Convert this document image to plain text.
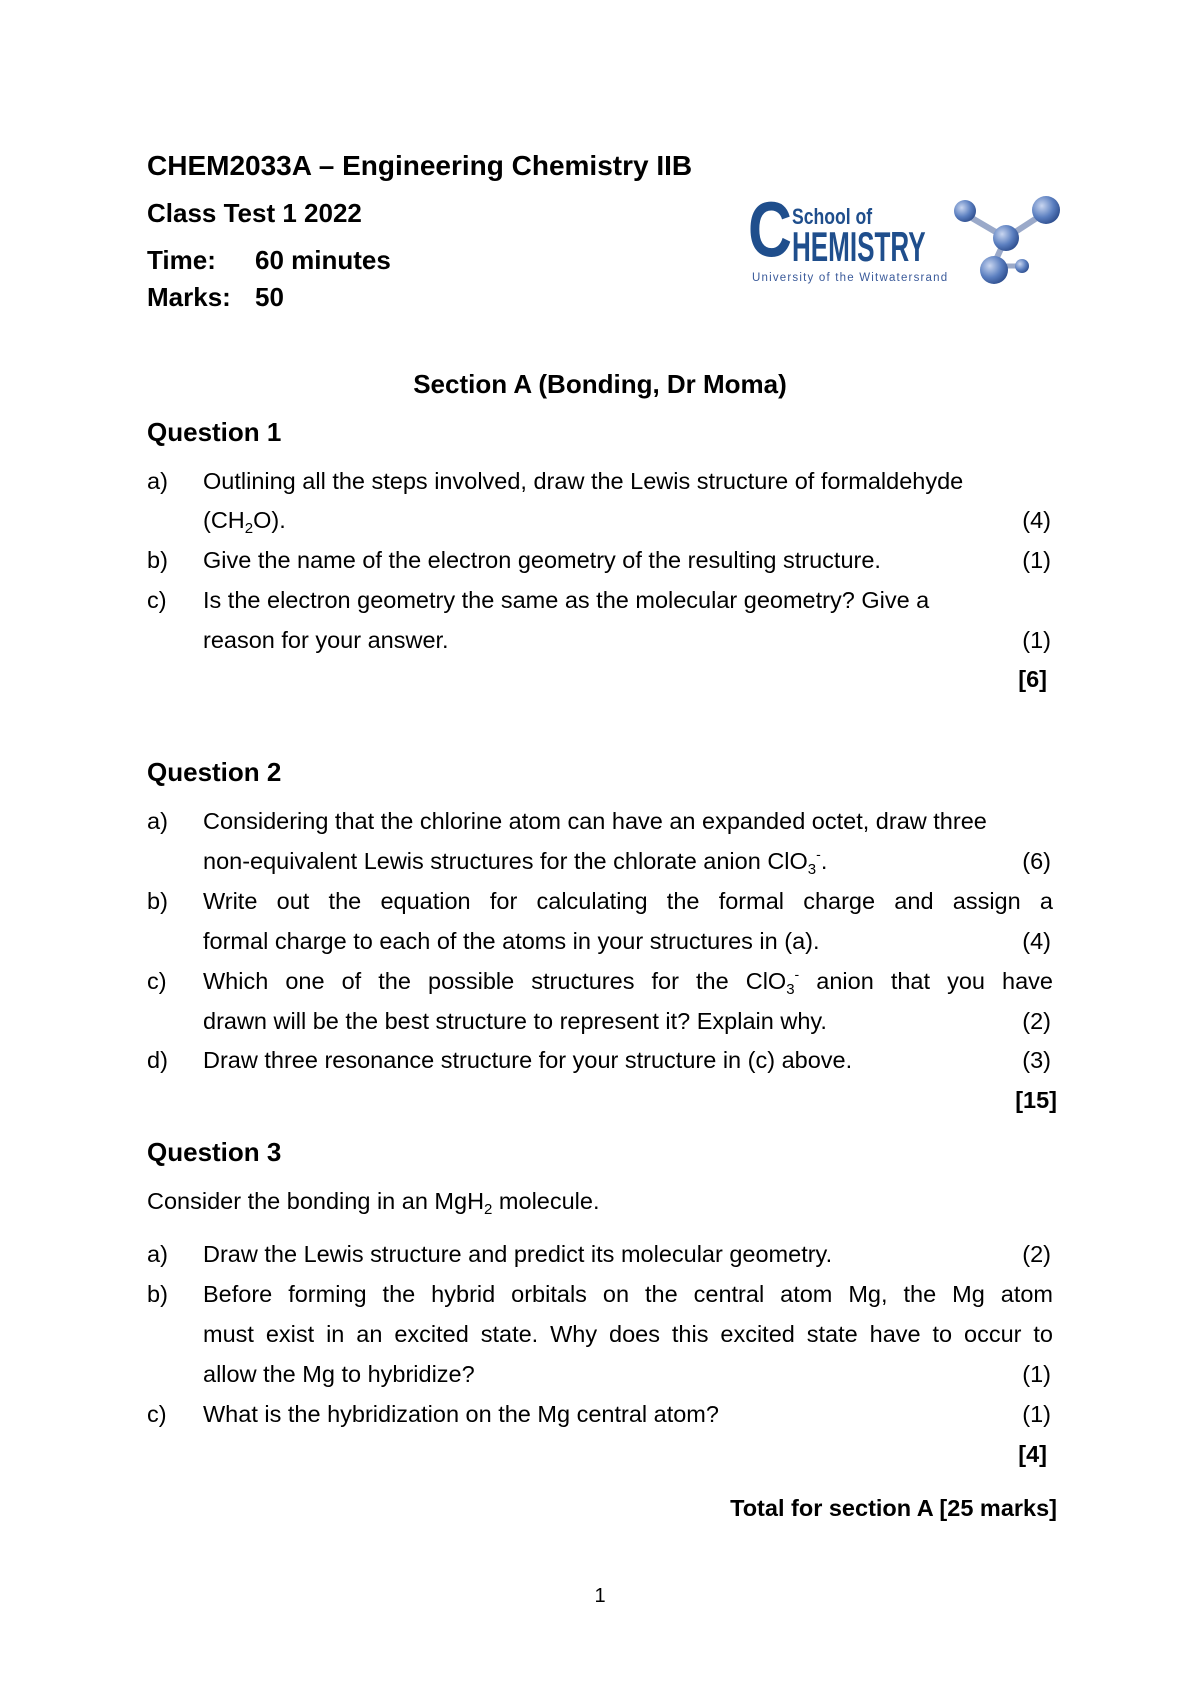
CHEM2033A – Engineering Chemistry IIB
Class Test 1 2022
Time: 60 minutes
Marks: 50
C School of
HEMISTRY
University of the Witwatersrand
Section A (Bonding, Dr Moma)
Question 1
a) Outlining all the steps involved, draw the Lewis structure of formaldehyde
$(CH_2O)$.	(4)
b) Give the name of the electron geometry of the resulting structure.	(1)
c) Is the electron geometry the same as the molecular geometry? Give a
reason for your answer.	(1)
[6]
Question 2
a) Considering that the chlorine atom can have an expanded octet, draw three
non-equivalent Lewis structures for the chlorate anion ClO$_3$-.	(6)
b) Write out the equation for calculating the formal charge and assign a
formal charge to each of the atoms in your structures in (a).	(4)
c) Which one of the possible structures for the ClO$_3$- anion that you have
drawn will be the best structure to represent it? Explain why.	(2)
d) Draw three resonance structure for your structure in (c) above.	(3)
[15]
Question 3
Consider the bonding in an MgH$_2$ molecule.
a) Draw the Lewis structure and predict its molecular geometry.	(2)
b) Before forming the hybrid orbitals on the central atom Mg, the Mg atom
must exist in an excited state. Why does this excited state have to occur to
allow the Mg to hybridize?	(1)
c) What is the hybridization on the Mg central atom?	(1)
[4]
Total for section A [25 marks]
1
